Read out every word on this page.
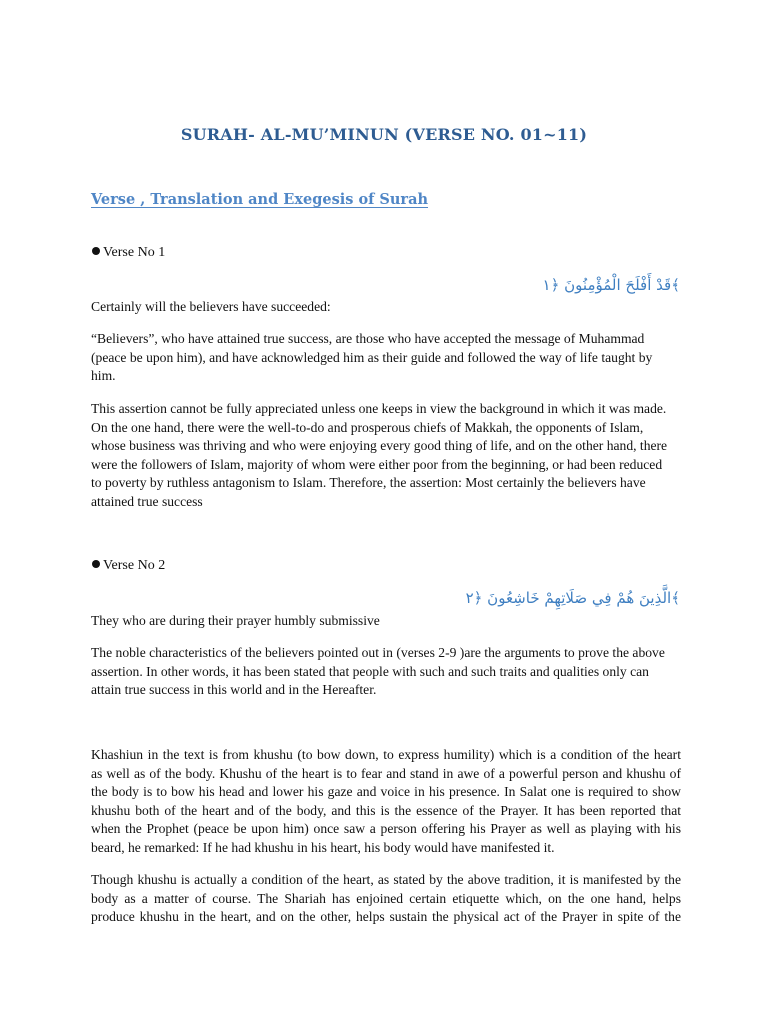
SURAH- AL-MU’MINUN (VERSE NO. 01~11)
Verse , Translation and Exegesis of Surah
Verse No 1
﴾قَدْ أَفْلَحَ الْمُؤْمِنُونَ ﴿١

Certainly will the believers have succeeded:

“Believers”, who have attained true success, are those who have accepted the message of Muhammad
(peace be upon him), and have acknowledged him as their guide and followed the way of life taught by
him.

This assertion cannot be fully appreciated unless one keeps in view the background in which it was made.
On the one hand, there were the well-to-do and prosperous chiefs of Makkah, the opponents of Islam,
whose business was thriving and who were enjoying every good thing of life, and on the other hand, there
were the followers of Islam, majority of whom were either poor from the beginning, or had been reduced
to poverty by ruthless antagonism to Islam. Therefore, the assertion: Most certainly the believers have
attained true success

Verse No 2
﴾الَّذِينَ هُمْ فِي صَلَاتِهِمْ خَاشِعُونَ ﴿٢

They who are during their prayer humbly submissive

The noble characteristics of the believers pointed out in (verses 2-9 )are the arguments to prove the above
assertion. In other words, it has been stated that people with such and such traits and qualities only can
attain true success in this world and in the Hereafter.

Khashiun in the text is from khushu (to bow down, to express humility) which is a condition of the heart
as well as of the body. Khushu of the heart is to fear and stand in awe of a powerful person and khushu of
the body is to bow his head and lower his gaze and voice in his presence. In Salat one is required to show
khushu both of the heart and of the body, and this is the essence of the Prayer. It has been reported that
when the Prophet (peace be upon him) once saw a person offering his Prayer as well as playing with his
beard, he remarked: If he had khushu in his heart, his body would have manifested it.

Though khushu is actually a condition of the heart, as stated by the above tradition, it is manifested by the
body as a matter of course. The Shariah has enjoined certain etiquette which, on the one hand, helps
produce khushu in the heart, and on the other, helps sustain the physical act of the Prayer in spite of the
